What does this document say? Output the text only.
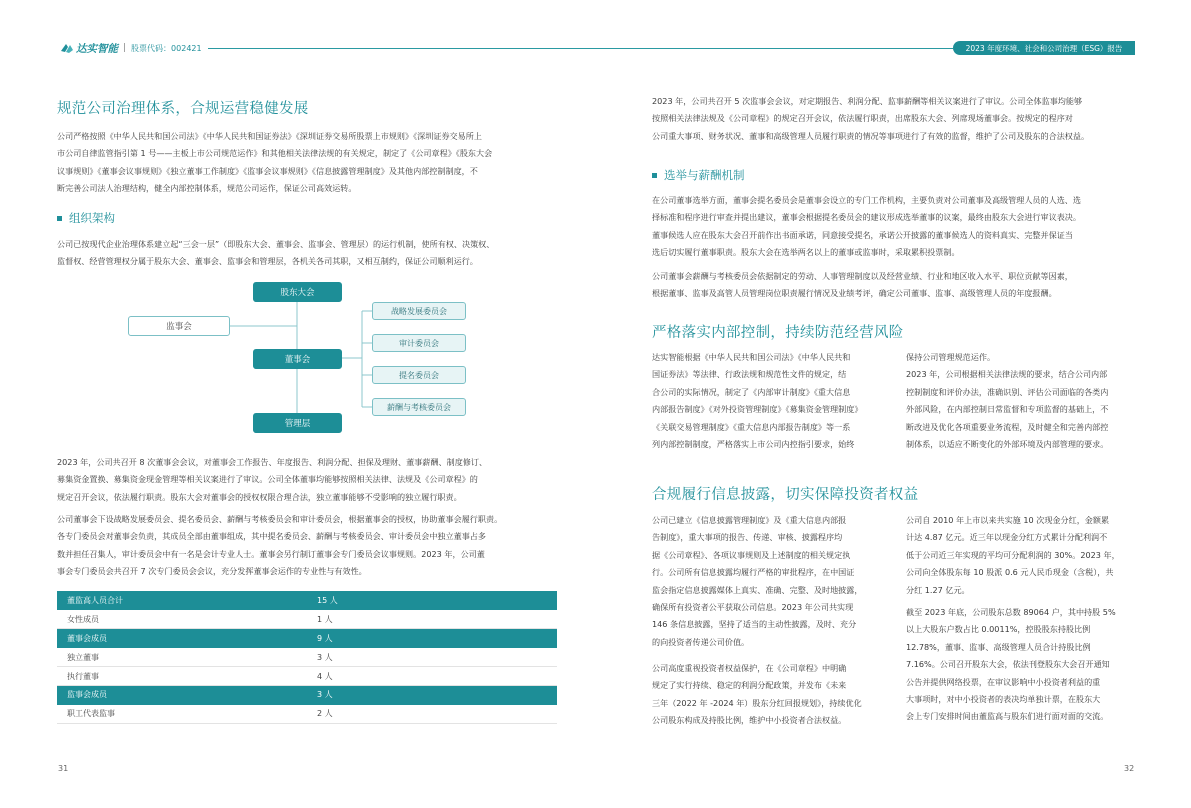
达实智能 | 股票代码：002421	2023 年度环境、社会和公司治理（ESG）报告
规范公司治理体系，合规运营稳健发展
公司严格按照《中华人民共和国公司法》《中华人民共和国证券法》《深圳证券交易所股票上市规则》《深圳证券交易所上
市公司自律监管指引第 1 号——主板上市公司规范运作》和其他相关法律法规的有关规定，制定了《公司章程》《股东大会
议事规则》《董事会议事规则》《独立董事工作制度》《监事会议事规则》《信息披露管理制度》及其他内部控制制度，不
断完善公司法人治理结构，健全内部控制体系，规范公司运作，保证公司高效运转。
组织架构
公司已按现代企业治理体系建立起“三会一层”（即股东大会、董事会、监事会、管理层）的运行机制，使所有权、决策权、
监督权、经营管理权分属于股东大会、董事会、监事会和管理层，各机关各司其职，又相互制约，保证公司顺利运行。
股东大会
监事会
董事会
管理层
战略发展委员会
审计委员会
提名委员会
薪酬与考核委员会
2023 年，公司共召开 8 次董事会会议，对董事会工作报告、年度报告、利润分配、担保及理财、董事薪酬、制度修订、
募集资金置换、募集资金现金管理等相关议案进行了审议。公司全体董事均能够按照相关法律、法规及《公司章程》的
规定召开会议，依法履行职责。股东大会对董事会的授权权限合理合法，独立董事能够不受影响的独立履行职责。
公司董事会下设战略发展委员会、提名委员会、薪酬与考核委员会和审计委员会，根据董事会的授权，协助董事会履行职责。
各专门委员会对董事会负责，其成员全部由董事组成，其中提名委员会、薪酬与考核委员会、审计委员会中独立董事占多
数并担任召集人，审计委员会中有一名是会计专业人士。董事会另行制订董事会专门委员会议事规则。2023 年，公司董
事会专门委员会共召开 7 次专门委员会会议，充分发挥董事会运作的专业性与有效性。
董监高人员合计	15 人
女性成员	1 人
董事会成员	9 人
独立董事	3 人
执行董事	4 人
监事会成员	3 人
职工代表监事	2 人
31
2023 年，公司共召开 5 次监事会会议，对定期报告、利润分配、监事薪酬等相关议案进行了审议。公司全体监事均能够
按照相关法律法规及《公司章程》的规定召开会议，依法履行职责，出席股东大会、列席现场董事会。按规定的程序对
公司重大事项、财务状况、董事和高级管理人员履行职责的情况等事项进行了有效的监督，维护了公司及股东的合法权益。
选举与薪酬机制
在公司董事选举方面，董事会提名委员会是董事会设立的专门工作机构，主要负责对公司董事及高级管理人员的人选、选
择标准和程序进行审查并提出建议，董事会根据提名委员会的建议形成选举董事的议案，最终由股东大会进行审议表决。
董事候选人应在股东大会召开前作出书面承诺，同意接受提名，承诺公开披露的董事候选人的资料真实、完整并保证当
选后切实履行董事职责。股东大会在选举两名以上的董事或监事时，采取累积投票制。
公司董事会薪酬与考核委员会依据制定的劳动、人事管理制度以及经营业绩、行业和地区收入水平、职位贡献等因素，
根据董事、监事及高管人员管理岗位职责履行情况及业绩考评，确定公司董事、监事、高级管理人员的年度报酬。
严格落实内部控制，持续防范经营风险
达实智能根据《中华人民共和国公司法》《中华人民共和
国证券法》等法律、行政法规和规范性文件的规定，结
合公司的实际情况，制定了《内部审计制度》《重大信息
内部报告制度》《对外投资管理制度》《募集资金管理制度》
《关联交易管理制度》《重大信息内部报告制度》等一系
列内部控制制度，严格落实上市公司内控指引要求，始终
保持公司管理规范运作。
2023 年，公司根据相关法律法规的要求，结合公司内部
控制制度和评价办法，准确识别、评估公司面临的各类内
外部风险，在内部控制日常监督和专项监督的基础上，不
断改进及优化各项重要业务流程，及时健全和完善内部控
制体系，以适应不断变化的外部环境及内部管理的要求。
合规履行信息披露，切实保障投资者权益
公司已建立《信息披露管理制度》及《重大信息内部报
告制度》，重大事项的报告、传递、审核、披露程序均
据《公司章程》、各项议事规则及上述制度的相关规定执
行。公司所有信息披露均履行严格的审批程序，在中国证
监会指定信息披露媒体上真实、准确、完整、及时地披露，
确保所有投资者公平获取公司信息。2023 年公司共实现
146 条信息披露，坚持了适当的主动性披露，及时、充分
的向投资者传递公司价值。
公司高度重视投资者权益保护，在《公司章程》中明确
规定了实行持续、稳定的利润分配政策，并发布《未来
三年（2022 年 -2024 年）股东分红回报规划》，持续优化
公司股东构成及持股比例，维护中小投资者合法权益。
公司自 2010 年上市以来共实施 10 次现金分红，金额累
计达 4.87 亿元。近三年以现金分红方式累计分配利润不
低于公司近三年实现的平均可分配利润的 30%。2023 年，
公司向全体股东每 10 股派 0.6 元人民币现金（含税），共
分红 1.27 亿元。
截至 2023 年底，公司股东总数 89064 户，其中持股 5%
以上大股东户数占比 0.0011%，控股股东持股比例
12.78%，董事、监事、高级管理人员合计持股比例
7.16%。公司召开股东大会，依法刊登股东大会召开通知
公告并提供网络投票，在审议影响中小投资者利益的重
大事项时，对中小投资者的表决均单独计票，在股东大
会上专门安排时间由董监高与股东们进行面对面的交流。
32
